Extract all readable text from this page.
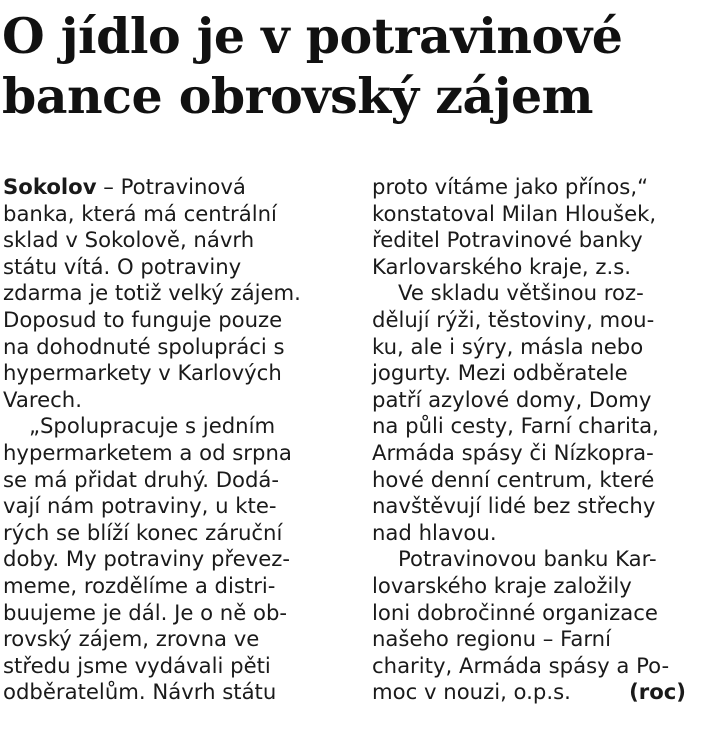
O jídlo je v potravinové
bance obrovský zájem
Sokolov – Potravinová
banka, která má centrální
sklad v Sokolově, návrh
státu vítá. O potraviny
zdarma je totiž velký zájem.
Doposud to funguje pouze
na dohodnuté spolupráci s
hypermarkety v Karlových
Varech.
„Spolupracuje s jedním
hypermarketem a od srpna
se má přidat druhý. Dodá-
vají nám potraviny, u kte-
rých se blíží konec záruční
doby. My potraviny převez-
meme, rozdělíme a distri-
buujeme je dál. Je o ně ob-
rovský zájem, zrovna ve
středu jsme vydávali pěti
odběratelům. Návrh státu
proto vítáme jako přínos,“
konstatoval Milan Hloušek,
ředitel Potravinové banky
Karlovarského kraje, z.s.
Ve skladu většinou roz-
dělují rýži, těstoviny, mou-
ku, ale i sýry, másla nebo
jogurty. Mezi odběratele
patří azylové domy, Domy
na půli cesty, Farní charita,
Armáda spásy či Nízkopra-
hové denní centrum, které
navštěvují lidé bez střechy
nad hlavou.
Potravinovou banku Kar-
lovarského kraje založily
loni dobročinné organizace
našeho regionu – Farní
charity, Armáda spásy a Po-
moc v nouzi, o.p.s.	(roc)
